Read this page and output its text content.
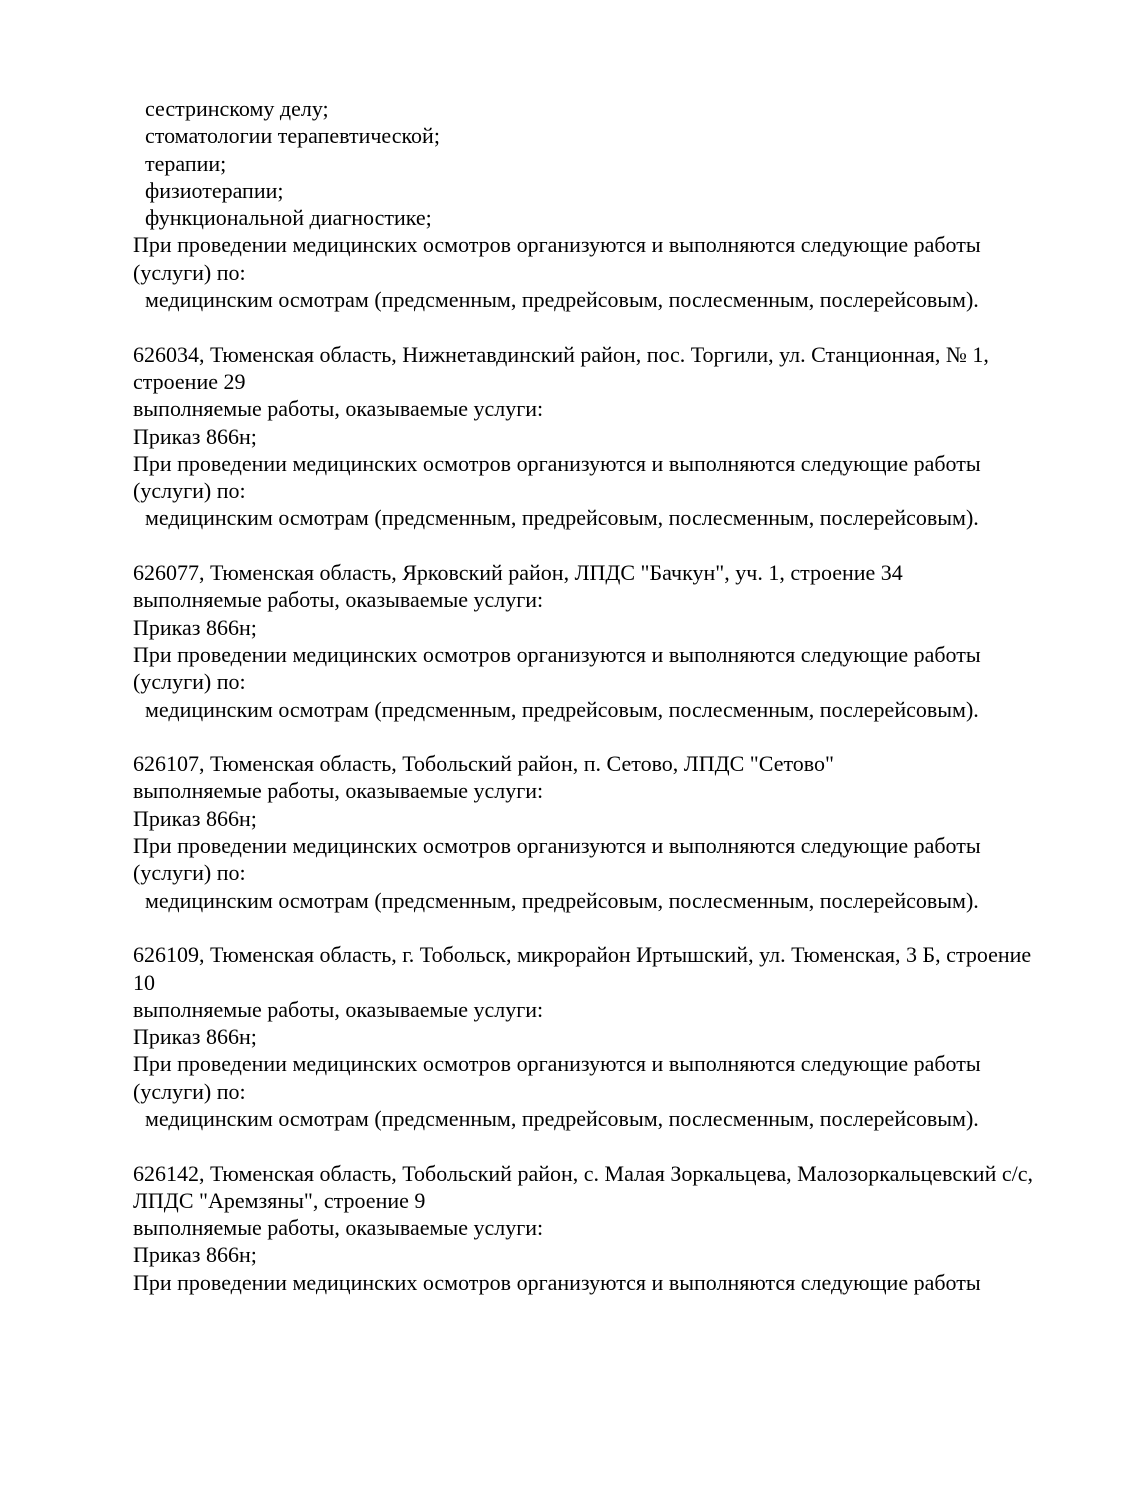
сестринскому делу;
стоматологии терапевтической;
терапии;
физиотерапии;
функциональной диагностике;
При проведении медицинских осмотров организуются и выполняются следующие работы
(услуги) по:
медицинским осмотрам (предсменным, предрейсовым, послесменным, послерейсовым).
626034, Тюменская область, Нижнетавдинский район, пос. Торгили, ул. Станционная, № 1,
строение 29
выполняемые работы, оказываемые услуги:
Приказ 866н;
При проведении медицинских осмотров организуются и выполняются следующие работы
(услуги) по:
медицинским осмотрам (предсменным, предрейсовым, послесменным, послерейсовым).
626077, Тюменская область, Ярковский район, ЛПДС "Бачкун", уч. 1, строение 34
выполняемые работы, оказываемые услуги:
Приказ 866н;
При проведении медицинских осмотров организуются и выполняются следующие работы
(услуги) по:
медицинским осмотрам (предсменным, предрейсовым, послесменным, послерейсовым).
626107, Тюменская область, Тобольский район, п. Сетово, ЛПДС "Сетово"
выполняемые работы, оказываемые услуги:
Приказ 866н;
При проведении медицинских осмотров организуются и выполняются следующие работы
(услуги) по:
медицинским осмотрам (предсменным, предрейсовым, послесменным, послерейсовым).
626109, Тюменская область, г. Тобольск, микрорайон Иртышский, ул. Тюменская, 3 Б, строение
10
выполняемые работы, оказываемые услуги:
Приказ 866н;
При проведении медицинских осмотров организуются и выполняются следующие работы
(услуги) по:
медицинским осмотрам (предсменным, предрейсовым, послесменным, послерейсовым).
626142, Тюменская область, Тобольский район, с. Малая Зоркальцева, Малозоркальцевский с/с,
ЛПДС "Аремзяны", строение 9
выполняемые работы, оказываемые услуги:
Приказ 866н;
При проведении медицинских осмотров организуются и выполняются следующие работы
